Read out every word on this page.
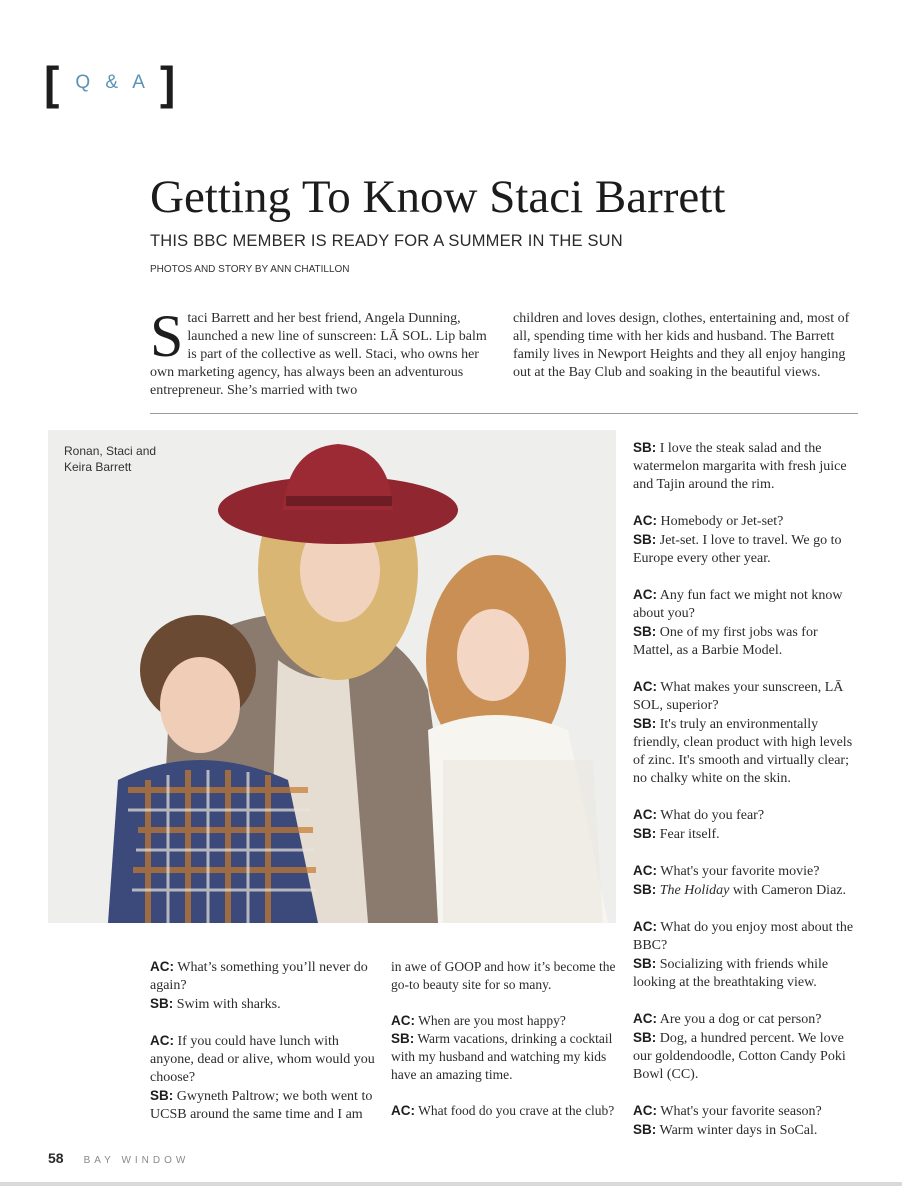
[ Q & A ]
Getting To Know Staci Barrett
THIS BBC MEMBER IS READY FOR A SUMMER IN THE SUN
PHOTOS AND STORY BY ANN CHATILLON
Staci Barrett and her best friend, Angela Dunning, launched a new line of sunscreen: LĀ SOL. Lip balm is part of the collective as well. Staci, who owns her own marketing agency, has always been an adventurous entrepreneur. She’s married with two
children and loves design, clothes, entertaining and, most of all, spending time with her kids and husband. The Barrett family lives in Newport Heights and they all enjoy hanging out at the Bay Club and soaking in the beautiful views.
Ronan, Staci and Keira Barrett

SB: I love the steak salad and the watermelon margarita with fresh juice and Tajin around the rim.

AC: Homebody or Jet-set?
SB: Jet-set. I love to travel. We go to Europe every other year.

AC: Any fun fact we might not know about you?
SB: One of my first jobs was for Mattel, as a Barbie Model.

AC: What makes your sunscreen, LĀ SOL, superior?
SB: It's truly an environmentally friendly, clean product with high levels of zinc. It's smooth and virtually clear; no chalky white on the skin.

AC: What do you fear?
SB: Fear itself.

AC: What's your favorite movie?
SB: The Holiday with Cameron Diaz.

AC: What do you enjoy most about the BBC?
SB: Socializing with friends while looking at the breathtaking view.

AC: Are you a dog or cat person?
SB: Dog, a hundred percent. We love our goldendoodle, Cotton Candy Poki Bowl (CC).

AC: What's your favorite season?
SB: Warm winter days in SoCal.

AC: What’s something you’ll never do again?
SB: Swim with sharks.

AC: If you could have lunch with anyone, dead or alive, whom would you choose?
SB: Gwyneth Paltrow; we both went to UCSB around the same time and I am

in awe of GOOP and how it’s become the go-to beauty site for so many.

AC: When are you most happy?
SB: Warm vacations, drinking a cocktail with my husband and watching my kids have an amazing time.

AC: What food do you crave at the club?

58 BAY WINDOW
